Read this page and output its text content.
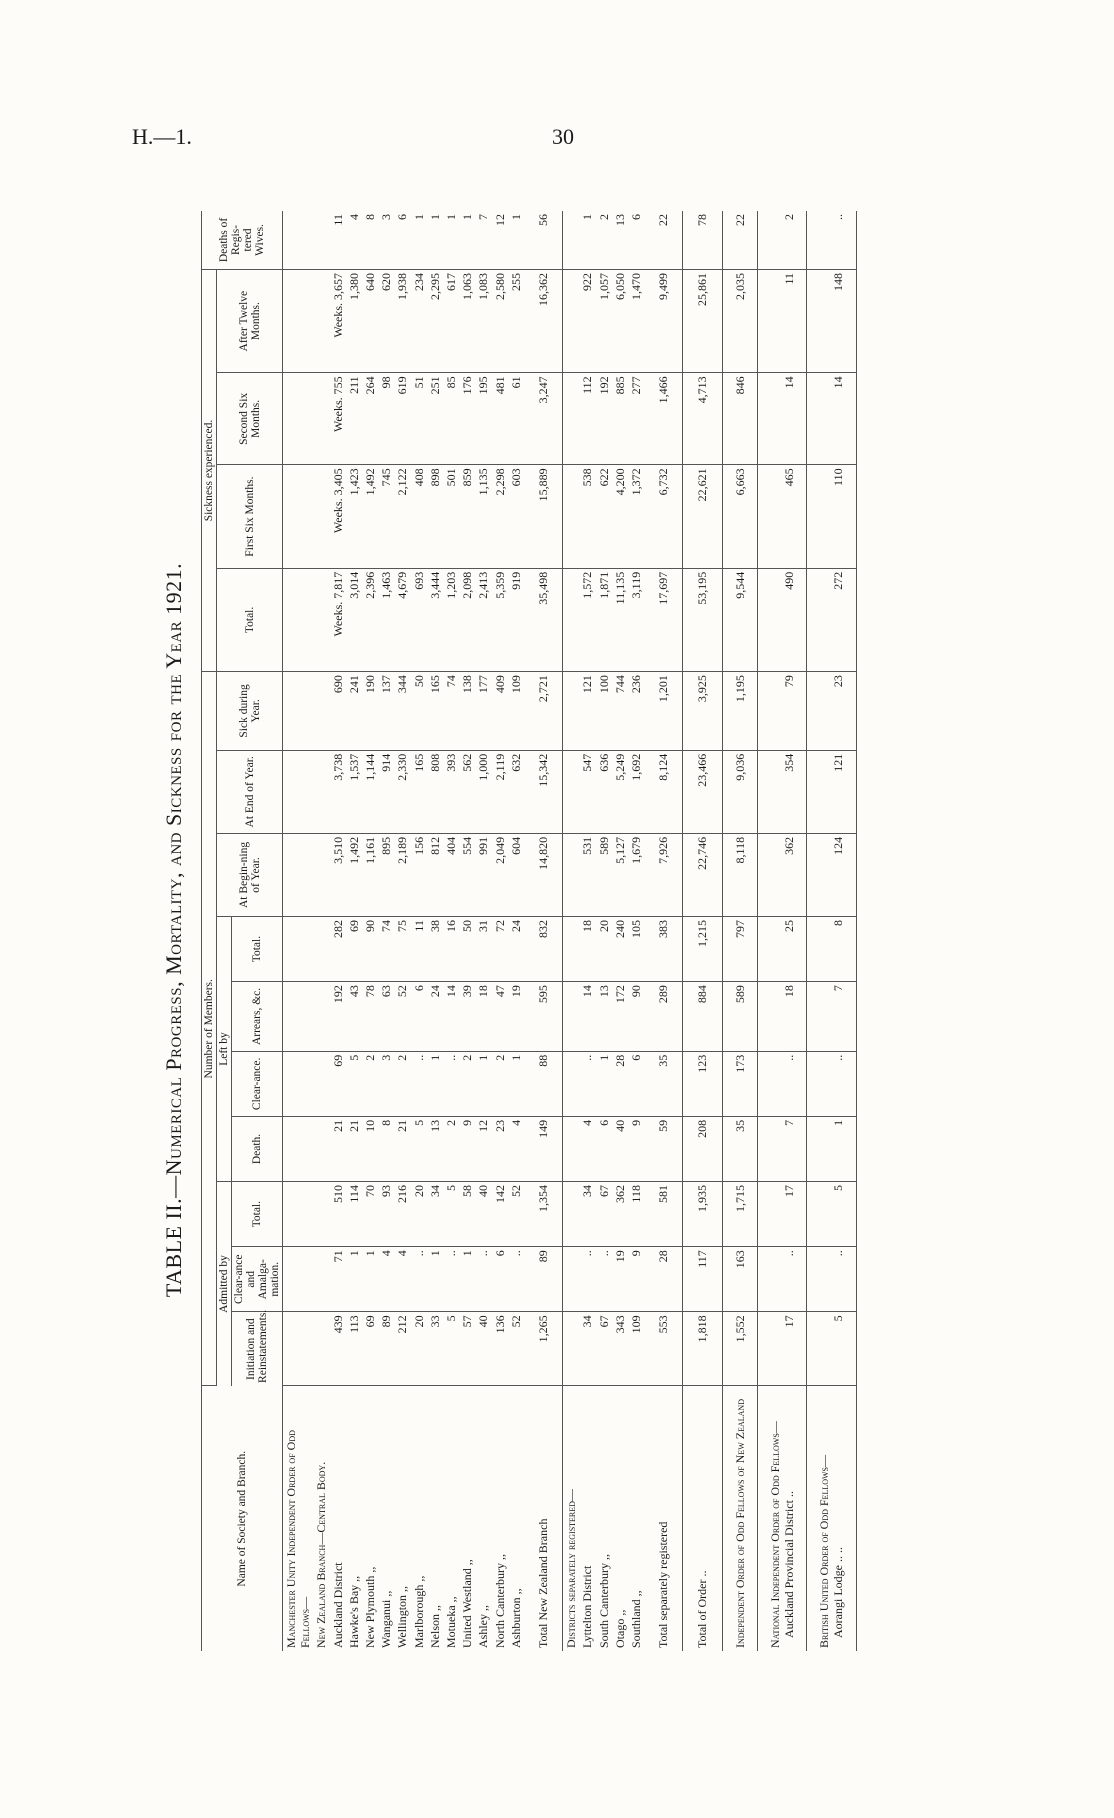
H.—1.	30
TABLE II.—Numerical Progress, Mortality, and Sickness for the Year 1921.
Name of Society and Branch.	Number of Members.										Sickness experienced.				Deaths of Regis-tered Wives.
	Admitted by			Left by				At Begin-ning of Year.	At End of Year.	Sick during Year.	Total.	First Six Months.	Second Six Months.	After Twelve Months.	
	Initiation and Reinstatements.	Clear-ance and Amalga-mation.	Total.	Death.	Clear-ance.	Arrears, &c.	Total.								
Manchester Unity Independent Order of Odd Fellows—															
New Zealand Branch—Central Body.															
Auckland District	439	71	510	21	69	192	282	3,510	3,738	690	Weeks. 7,817	Weeks. 3,405	Weeks. 755	Weeks. 3,657	11
Hawke's Bay ,,	113	1	114	21	5	43	69	1,492	1,537	241	3,014	1,423	211	1,380	4
New Plymouth ,,	69	1	70	10	2	78	90	1,161	1,144	190	2,396	1,492	264	640	8
Wanganui ,,	89	4	93	8	3	63	74	895	914	137	1,463	745	98	620	3
Wellington ,,	212	4	216	21	2	52	75	2,189	2,330	344	4,679	2,122	619	1,938	6
Marlborough ,,	20	..	20	5	..	6	11	156	165	50	693	408	51	234	1
Nelson ,,	33	1	34	13	1	24	38	812	808	165	3,444	898	251	2,295	1
Motueka ,,	5	..	5	2	..	14	16	404	393	74	1,203	501	85	617	1
United Westland ,,	57	1	58	9	2	39	50	554	562	138	2,098	859	176	1,063	1
Ashley ,,	40	..	40	12	1	18	31	991	1,000	177	2,413	1,135	195	1,083	7
North Canterbury ,,	136	6	142	23	2	47	72	2,049	2,119	409	5,359	2,298	481	2,580	12
Ashburton ,,	52	..	52	4	1	19	24	604	632	109	919	603	61	255	1
Total New Zealand Branch	1,265	89	1,354	149	88	595	832	14,820	15,342	2,721	35,498	15,889	3,247	16,362	56
Districts separately registered—															
Lyttelton District	34	..	34	4	..	14	18	531	547	121	1,572	538	112	922	1
South Canterbury ,,	67	..	67	6	1	13	20	589	636	100	1,871	622	192	1,057	2
Otago ,,	343	19	362	40	28	172	240	5,127	5,249	744	11,135	4,200	885	6,050	13
Southland ,,	109	9	118	9	6	90	105	1,679	1,692	236	3,119	1,372	277	1,470	6
Total separately registered	553	28	581	59	35	289	383	7,926	8,124	1,201	17,697	6,732	1,466	9,499	22
Total of Order ..	1,818	117	1,935	208	123	884	1,215	22,746	23,466	3,925	53,195	22,621	4,713	25,861	78

Independent Order of Odd Fellows of New Zealand	1,552	163	1,715	35	173	589	797	8,118	9,036	1,195	9,544	6,663	846	2,035	22

National Independent Order of Odd Fellows— Auckland Provincial District ..	17	..	17	7	..	18	25	362	354	79	490	465	14	11	2

British United Order of Odd Fellows— Aorangi Lodge .. ..	5	..	5	1	..	7	8	124	121	23	272	110	14	148	..
